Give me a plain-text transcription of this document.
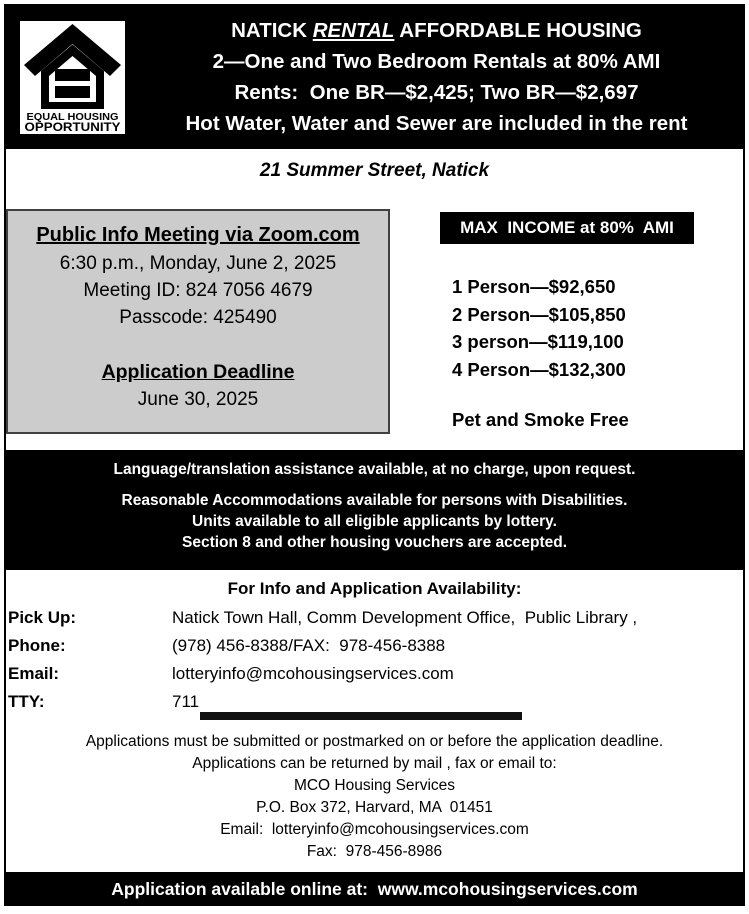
EQUAL HOUSING
OPPORTUNITY
NATICK RENTAL AFFORDABLE HOUSING
2—One and Two Bedroom Rentals at 80% AMI
Rents:  One BR—$2,425; Two BR—$2,697
Hot Water, Water and Sewer are included in the rent
21 Summer Street, Natick
Public Info Meeting via Zoom.com
6:30 p.m., Monday, June 2, 2025
Meeting ID: 824 7056 4679
Passcode: 425490
Application Deadline
June 30, 2025
MAX  INCOME at 80%  AMI
1 Person—$92,650
2 Person—$105,850
3 person—$119,100
4 Person—$132,300
Pet and Smoke Free
Language/translation assistance available, at no charge, upon request.
Reasonable Accommodations available for persons with Disabilities.
Units available to all eligible applicants by lottery.
Section 8 and other housing vouchers are accepted.
For Info and Application Availability:
Pick Up:	Natick Town Hall, Comm Development Office,  Public Library ,
Phone:	(978) 456-8388/FAX:  978-456-8388
Email:	lotteryinfo@mcohousingservices.com
TTY:	711
Applications must be submitted or postmarked on or before the application deadline.
Applications can be returned by mail , fax or email to:
MCO Housing Services
P.O. Box 372, Harvard, MA  01451
Email:  lotteryinfo@mcohousingservices.com
Fax:  978-456-8986
Application available online at:  www.mcohousingservices.com
